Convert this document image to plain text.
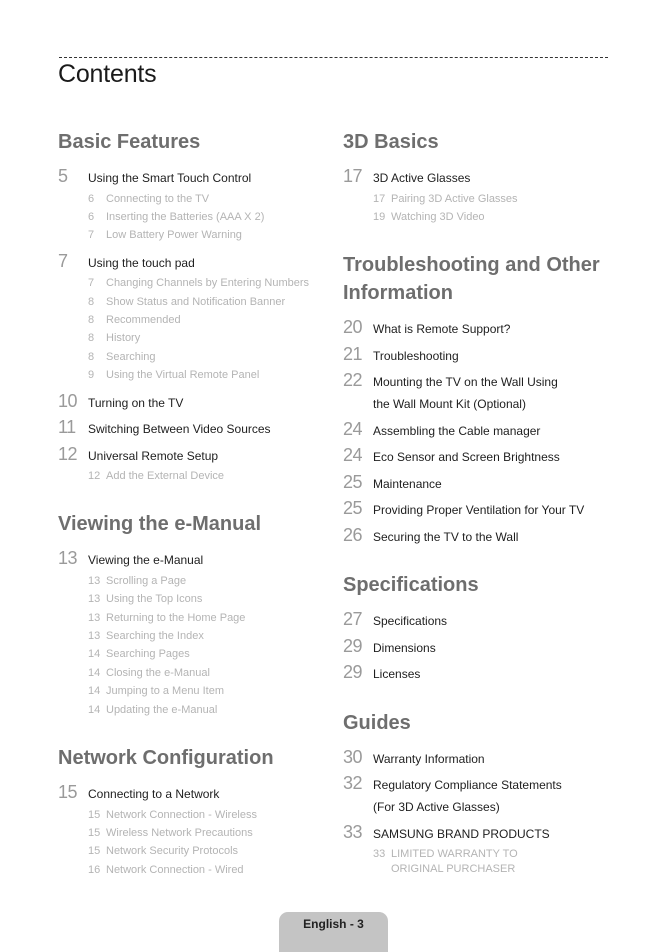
Contents
Basic Features
5	Using the Smart Touch Control
6	Connecting to the TV
6	Inserting the Batteries (AAA X 2)
7	Low Battery Power Warning
7	Using the touch pad
7	Changing Channels by Entering Numbers
8	Show Status and Notification Banner
8	Recommended
8	History
8	Searching
9	Using the Virtual Remote Panel
10 Turning on the TV
11	Switching Between Video Sources
12 Universal Remote Setup
12 Add the External Device
Viewing the e-Manual
13 Viewing the e-Manual
13 Scrolling a Page
13 Using the Top Icons
13 Returning to the Home Page
13 Searching the Index
14 Searching Pages
14 Closing the e-Manual
14 Jumping to a Menu Item
14 Updating the e-Manual
Network Configuration
15 Connecting to a Network
15 Network Connection - Wireless
15 Wireless Network Precautions
15 Network Security Protocols
16 Network Connection - Wired
3D Basics
17 3D Active Glasses
17 Pairing 3D Active Glasses
19 Watching 3D Video
Troubleshooting and Other Information
20 What is Remote Support?
21 Troubleshooting
22 Mounting the TV on the Wall Using
the Wall Mount Kit (Optional)
24 Assembling the Cable manager
24 Eco Sensor and Screen Brightness
25 Maintenance
25 Providing Proper Ventilation for Your TV
26 Securing the TV to the Wall
Specifications
27 Specifications
29 Dimensions
29 Licenses
Guides
30 Warranty Information
32 Regulatory Compliance Statements
(For 3D Active Glasses)
33 SAMSUNG BRAND PRODUCTS
33 LIMITED WARRANTY TO
ORIGINAL PURCHASER
English - 3
